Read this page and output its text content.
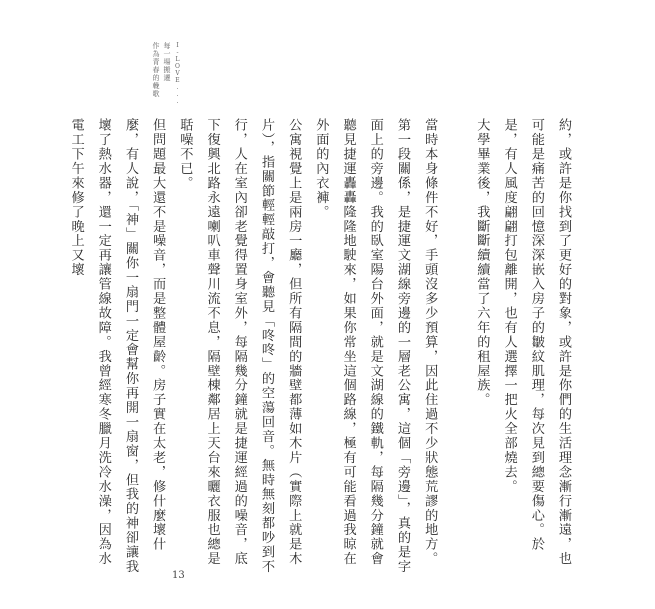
I-LOVE...
每一場搬遷
作為青春的輓歌

約，或許是你找到了更好的對象，或許是你們的生活理念漸行漸遠，也可能是痛苦的回憶深深嵌入房子的皺紋肌理，每次見到總要傷心。於是，有人風度翩翩打包離開，也有人選擇一把火全部燒去。

大學畢業後，我斷斷續續當了六年的租屋族。

當時本身條件不好，手頭沒多少預算，因此住過不少狀態荒謬的地方。第一段關係，是捷運文湖線旁邊的一層老公寓，這個「旁邊」，真的是字面上的旁邊。我的臥室陽台外面，就是文湖線的鐵軌，每隔幾分鐘就會聽見捷運轟轟隆隆地駛來，如果你常坐這個路線，極有可能看過我晾在外面的內衣褲。

公寓視覺上是兩房一廳，但所有隔間的牆壁都薄如木片（實際上就是木片），指關節輕輕敲打，會聽見「咚咚」的空蕩回音。無時無刻都吵到不行，人在室內卻老覺得置身室外，每隔幾分鐘就是捷運經過的噪音，底下復興北路永遠喇叭車聲川流不息，隔壁棟鄰居上天台來曬衣服也總是聒噪不已。

但問題最大還不是噪音，而是整體屋齡。房子實在太老，修什麼壞什麼，有人說，「神」關你一扇門一定會幫你再開一扇窗，但我的神卻讓我壞了熱水器，還一定再讓管線故障。我曾經寒冬臘月洗冷水澡，因為水電工下午來修了晚上又壞

13
